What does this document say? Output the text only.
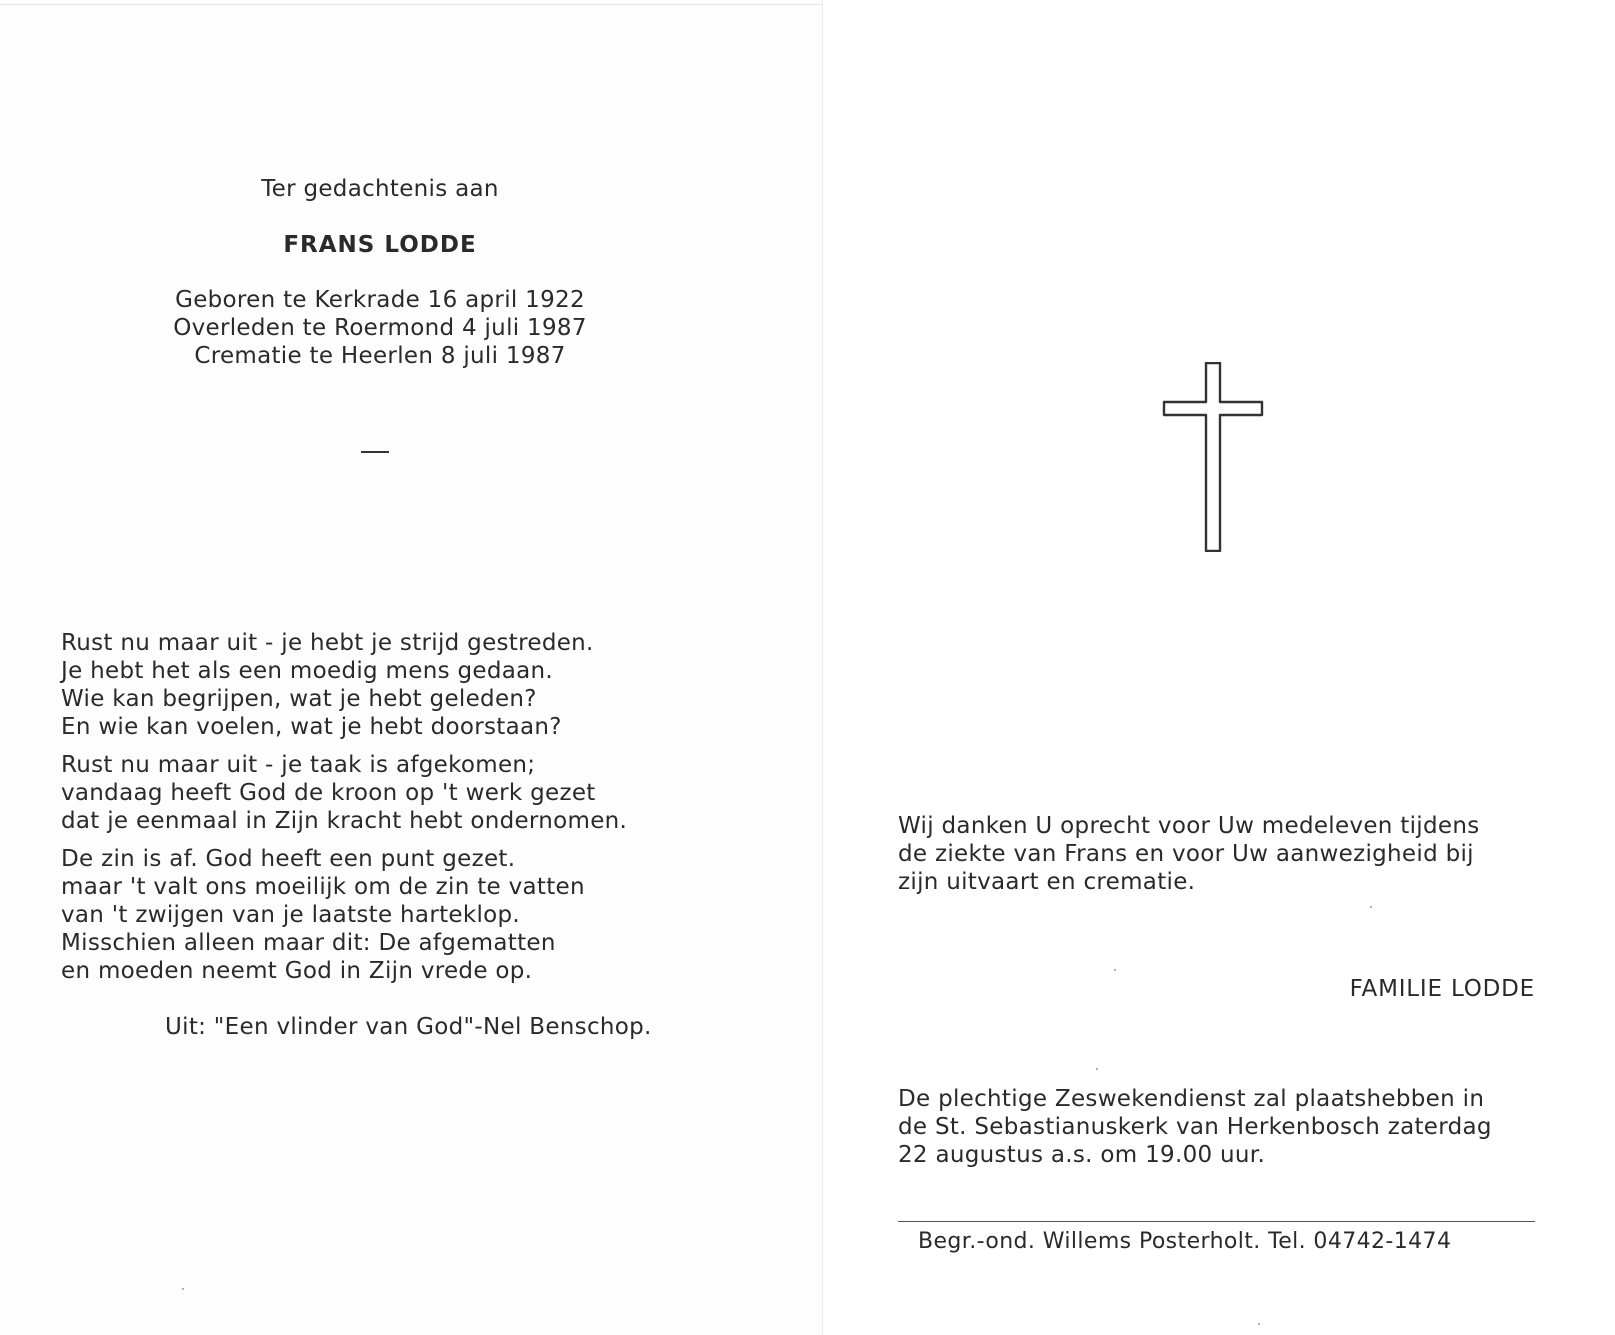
Ter gedachtenis aan
FRANS LODDE
Geboren te Kerkrade 16 april 1922
Overleden te Roermond 4 juli 1987
Crematie te Heerlen 8 juli 1987
Rust nu maar uit - je hebt je strijd gestreden.
Je hebt het als een moedig mens gedaan.
Wie kan begrijpen, wat je hebt geleden?
En wie kan voelen, wat je hebt doorstaan?
Rust nu maar uit - je taak is afgekomen;
vandaag heeft God de kroon op 't werk gezet
dat je eenmaal in Zijn kracht hebt ondernomen.
De zin is af. God heeft een punt gezet.
maar 't valt ons moeilijk om de zin te vatten
van 't zwijgen van je laatste harteklop.
Misschien alleen maar dit: De afgematten
en moeden neemt God in Zijn vrede op.
Uit: "Een vlinder van God"-Nel Benschop.
Wij danken U oprecht voor Uw medeleven tijdens
de ziekte van Frans en voor Uw aanwezigheid bij
zijn uitvaart en crematie.
FAMILIE LODDE
De plechtige Zeswekendienst zal plaatshebben in
de St. Sebastianuskerk van Herkenbosch zaterdag
22 augustus a.s. om 19.00 uur.
Begr.-ond. Willems Posterholt. Tel. 04742-1474
